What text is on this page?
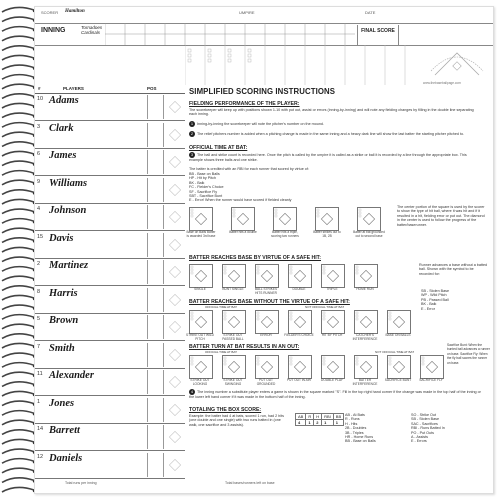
SCORER Hamilton	UMPIRE	DATE
INNING	Tornadoes
Cardinals	FINAL SCORE
www.thebaseballpage.com
#	PLAYERS	POS
10 Adams
3 Clark
6 James
9 Williams
4 Johnson
15 Davis
2 Martinez
8 Harris
5 Brown
7 Smith
11 Alexander
1 Jones
14 Barrett
12 Daniels
Total runs per inning	Total bases/runners left on base
SIMPLIFIED SCORING INSTRUCTIONS
FIELDING PERFORMANCE OF THE PLAYER:
The scorekeeper will keep up with positions shown 1-10 with put out, assist or errors (inning-by-inning) and will note any fielding changes by filling in the double line separating each inning.
1 Inning-by-inning the scorekeeper will note the pitcher's number on the mound.
2 The relief pitchers number is added when a pitching change is made in the same inning and a heavy dark line will show the last batter the starting pitcher pitched to.
OFFICIAL TIME AT BAT:
3 The ball and strike count is recorded here. Once the pitch is called by the umpire it is called as a strike or ball it is recorded by a line through the appropriate box. This example shows three balls and one strike.
The batter is credited with an RBI for each runner that scored by virtue of:
BB - Base on Balls
HP - Hit by Pitch
BK - Balk
FC - Fielder's Choice
SF - Sacrifice Fly
SBT - Sacrifice Bunt
E - Error! When the runner would have scored if fielded cleanly
The center portion of the square is used by the scorer to show the type of hit ball, where it was hit and if it resulted in a hit, fielding error or put out. The diamond in the center is used to follow the progress of the batter/baserunner.
Base on Balls Batter is awarded 3rd base
Batter hits a double	Batter hits a triple, scoring two runners
Batter strikes out to 1B, 2B
Batter at bat grounded out to second base
BATTER REACHES BASE BY VIRTUE OF A SAFE HIT:
SINGLE	BUNT SINGLE	BALL STRIKES HITS RUNNER
DOUBLE	TRIPLE	HOME RUN
Runner advances a base without a batted ball. Shown with the symbol to be recorded for:
BATTER REACHES BASE WITHOUT THE VIRTUE OF A SAFE HIT:
OFFICIAL TIME AT BAT	NOT OFFICIAL TIME AT BAT
STRIKE OUT WILD PITCH
STRIKE OUT PASSED BALL
ERROR	FIELDER'S CHOICE	HIT BY PITCH	CATCHER'S INTERFERENCE
BASE ON BALLS
SB - Stolen Base
WP - Wild Pitch
PB - Passed Ball
BK - Balk
E - Error
BATTER TURN AT BAT RESULTS IN AN OUT:
OFFICIAL TIME AT BAT	NOT OFFICIAL TIME AT BAT
STRIKE OUT LOOKING
STRIKE OUT SWINGING
PUT OUT GROUNDED
PUT OUT IN AIR	DOUBLE PLAY	BATTER INTERFERENCE
SACRIFICE BUNT	SACRIFICE FLY
Sacrifice Bunt: When the bunted ball advances a runner on base. Sacrifice Fly: When the fly ball scores the runner on base.
4 The inning number a substitute player enters a game is shown in the square marked "S". Fill in the top right hand corner if the change was made in the top half of the inning or the lower left hand corner if it was made in the bottom half of the inning.
TOTALING THE BOX SCORE:
Example: the batter had 4 at bats, scored 1 run, had 2 hits (one double and one single) with two runs batted in (one walk, one sacrifice and 3 assists).
AB	R	H	RBI	BB
4	1	2	1	1
AB - At Bats
R - Runs
H - Hits
2B - Doubles
3B - Triples
HR - Home Runs
BB - Base on Balls
SO - Strike Out
SB - Stolen Base
SAC - Sacrifices
RBI - Runs Batted In
PO - Put Outs
A - Assists
E - Errors
